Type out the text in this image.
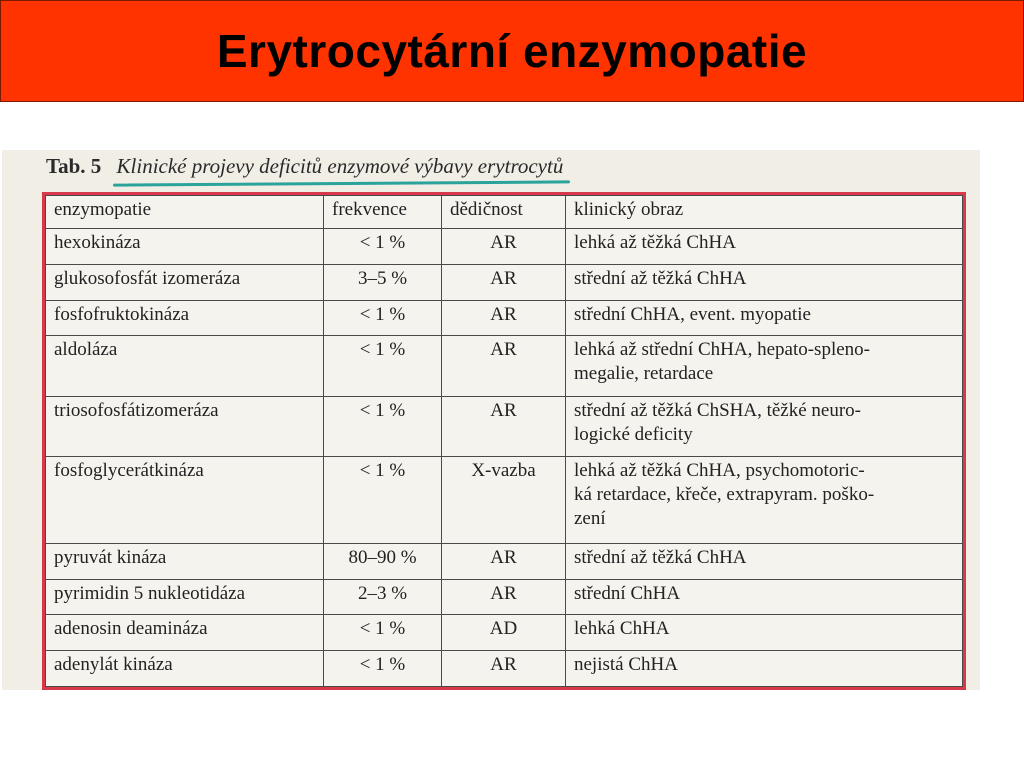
Erytrocytární enzymopatie
Tab. 5 Klinické projevy deficitů enzymové výbavy erytrocytů
enzymopatie	frekvence	dědičnost	klinický obraz
hexokináza	< 1 %	AR	lehká až těžká ChHA

glukosofosfát izomeráza	3–5 %	AR	střední až těžká ChHA

fosfofruktokináza	< 1 %	AR	střední ChHA, event. myopatie

aldoláza	< 1 %	AR	lehká až střední ChHA, hepato-spleno-
megalie, retardace

triosofosfátizomeráza	< 1 %	AR	střední až těžká ChSHA, těžké neuro-
logické deficity

fosfoglycerátkináza	< 1 %	X-vazba	lehká až těžká ChHA, psychomotoric-
ká retardace, křeče, extrapyram. poško-
zení

pyruvát kináza	80–90 %	AR	střední až těžká ChHA

pyrimidin 5 nukleotidáza	2–3 %	AR	střední ChHA

adenosin deamináza	< 1 %	AD	lehká ChHA

adenylát kináza	< 1 %	AR	nejistá ChHA
